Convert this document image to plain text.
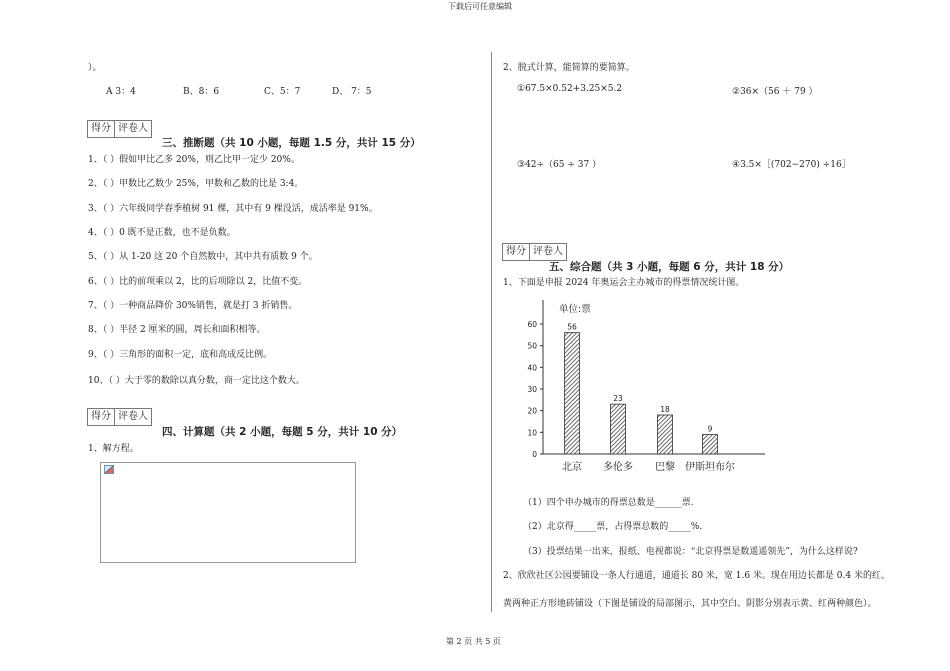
下载后可任意编辑
第 2 页 共 5 页
）。
A 3：4	B、8：6	C、5：7	D、 7：5
得分 评卷人
三、推断题（共 10 小题，每题 1.5 分，共计 15 分）
1、（ ）假如甲比乙多 20%，则乙比甲一定少 20%。
2、（ ）甲数比乙数少 25%，甲数和乙数的比是 3:4。
3、（ ）六年级同学春季植树 91 棵，其中有 9 棵没活，成活率是 91%。
4、（ ）0 既不是正数，也不是负数。
5、（ ）从 1-20 这 20 个自然数中，其中共有质数 9 个。
6、（ ）比的前项乘以 2，比的后项除以 2，比值不变。
7、（ ）一种商品降价 30%销售，就是打 3 折销售。
8、（ ）半径 2 厘米的圆，周长和面积相等。
9、（ ）三角形的面积一定，底和高成反比例。
10、（ ）大于零的数除以真分数，商一定比这个数大。
得分 评卷人
四、计算题（共 2 小题，每题 5 分，共计 10 分）
1、解方程。
2、脱式计算，能简算的要简算。
①67.5×0.52+3.25×5.2	②36×（56 ＋ 79 ）
③42÷（65 ÷ 37 ）	④3.5×［(702−270) ÷16］
得分 评卷人
五、综合题（共 3 小题，每题 6 分，共计 18 分）
1、下面是申报 2024 年奥运会主办城市的得票情况统计图。
单位:票
0
10
20
30
40
50
60	56
北京
23
多伦多
18
巴黎
9
伊斯坦布尔
（1）四个申办城市的得票总数是______票.
（2）北京得_____票，占得票总数的_____%.
（3）投票结果一出来，报纸、电视都说：“北京得票是数遥遥领先”，为什么这样说?
2、欣欣社区公园要铺设一条人行通道，通道长 80 米，宽 1.6 米。现在用边长都是 0.4 米的红、
黄两种正方形地砖铺设（下图是铺设的局部图示，其中空白、阴影分别表示黄、红两种颜色）。
